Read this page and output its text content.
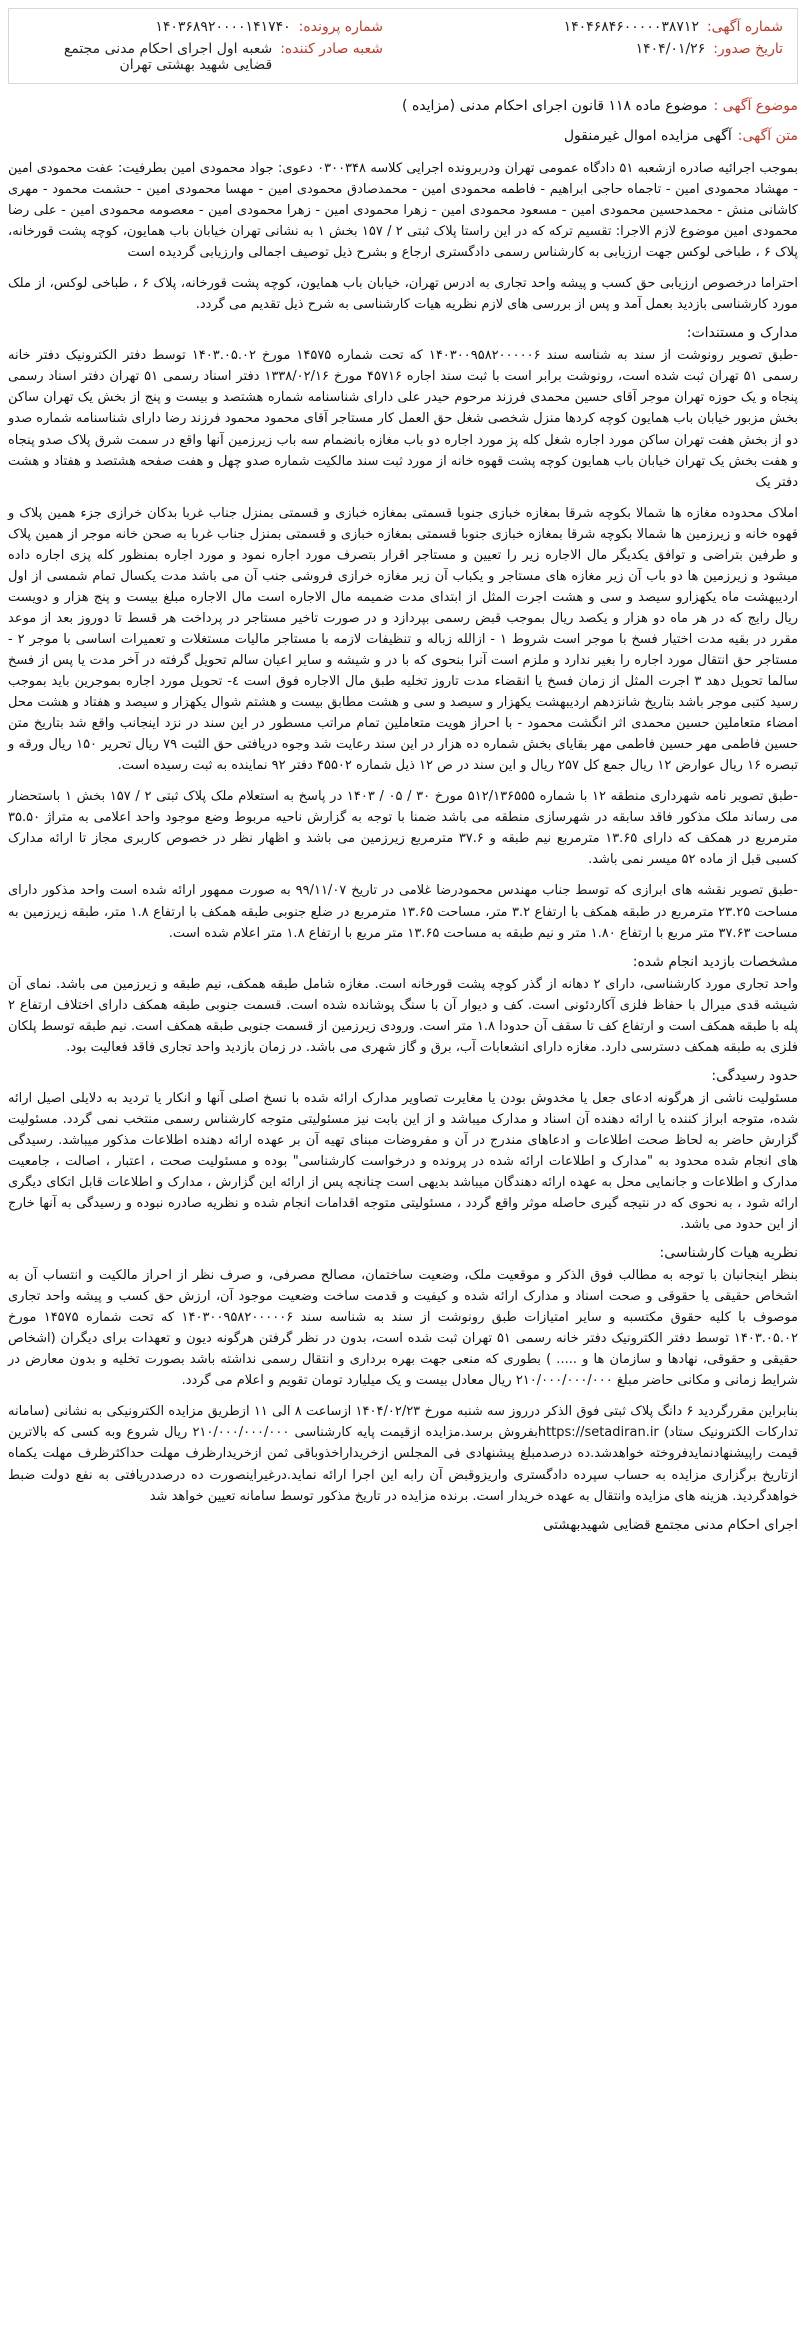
شماره آگهی:
۱۴۰۴۶۸۴۶۰۰۰۰۰۳۸۷۱۲
شماره پرونده:
۱۴۰۳۶۸۹۲۰۰۰۰۱۴۱۷۴۰
تاریخ صدور:
۱۴۰۴/۰۱/۲۶
شعبه صادر کننده:
شعبه اول اجرای احکام مدنی مجتمع قضایی شهید بهشتی تهران
موضوع آگهی :
موضوع ماده ۱۱۸ قانون اجرای احکام مدنی (مزایده )
متن آگهی:
آگهی مزایده اموال غیرمنقول

بموجب اجرائیه صادره ازشعبه ۵۱ دادگاه عمومی تهران ودربرونده اجرایی کلاسه ۰۳۰۰۳۴۸ دعوی: جواد محمودی امین بطرفیت: عفت محمودی امین - مهشاد محمودی امین - تاجماه حاجی ابراهیم - فاطمه محمودی امین - محمدصادق محمودی امین - مهسا محمودی امین - حشمت محمود - مهری کاشانی منش - محمدحسین محمودی امین - مسعود محمودی امین - زهرا محمودی امین - زهرا محمودی امین - معصومه محمودی امین - علی رضا محمودی امین موضوع لازم الاجرا: تقسیم ترکه که در این راستا پلاک ثبتی ۲ / ۱۵۷ بخش ۱ به نشانی تهران خیابان باب همایون، کوچه پشت قورخانه، پلاک ۶ ، طباخی لوکس جهت ارزیابی به کارشناس رسمی دادگستری ارجاع و بشرح ذیل توصیف اجمالی وارزیابی گردیده است

احتراما درخصوص ارزیابی حق کسب و پیشه واحد تجاری به ادرس تهران، خیابان باب همایون، کوچه پشت قورخانه، پلاک ۶ ، طباخی لوکس، از ملک مورد کارشناسی بازدید بعمل آمد و پس از بررسی های لازم نظریه هیات کارشناسی به شرح ذیل تقدیم می گردد.

مدارک و مستندات:

-طبق تصویر رونوشت از سند به شناسه سند ۱۴۰۳۰۰۹۵۸۲۰۰۰۰۰۶ که تحت شماره ۱۴۵۷۵ مورخ ۱۴۰۳.۰۵.۰۲ توسط دفتر الکترونیک دفتر خانه رسمی ۵۱ تهران ثبت شده است، رونوشت برابر است با ثبت سند اجاره ۴۵۷۱۶ مورخ ۱۳۳۸/۰۲/۱۶ دفتر اسناد رسمی ۵۱ تهران دفتر اسناد رسمی پنجاه و یک حوزه تهران موجر آقای حسین محمدی فرزند مرحوم حیدر علی دارای شناسنامه شماره هشتصد و بیست و پنج از بخش یک تهران ساکن بخش مزبور خیابان باب همایون کوچه کردها منزل شخصی شغل حق العمل کار مستاجر آقای محمود محمود فرزند رضا دارای شناسنامه شماره صدو دو از بخش هفت تهران ساکن مورد اجاره شغل کله پز مورد اجاره دو باب مغازه بانضمام سه باب زیرزمین آنها واقع در سمت شرق پلاک صدو پنجاه و هفت بخش یک تهران خیابان باب همایون کوچه پشت قهوه خانه از مورد ثبت سند مالکیت شماره صدو چهل و هفت صفحه هشتصد و هفتاد و هشت دفتر یک

املاک محدوده مغازه ها شمالا بکوچه شرقا بمغازه خبازی جنوبا قسمتی بمغازه خبازی و قسمتی بمنزل جناب غربا بدکان خرازی جزء همین پلاک و قهوه خانه و زیرزمین ها شمالا بکوچه شرقا بمغازه خبازی جنوبا قسمتی بمغازه خبازی و قسمتی بمنزل جناب غربا به صحن خانه موجر از همین پلاک و طرفین بتراضی و توافق یکدیگر مال الاجاره زیر را تعیین و مستاجر اقرار بتصرف مورد اجاره نمود و مورد اجاره بمنظور کله پزی اجاره داده میشود و زیرزمین ها دو باب آن زیر مغازه های مستاجر و یکباب آن زیر مغازه خرازی فروشی جنب آن می باشد مدت یکسال تمام شمسی از اول اردیبهشت ماه یکهزارو سیصد و سی و هشت اجرت المثل از ابتدای مدت ضمیمه مال الاجاره است مال الاجاره مبلغ بیست و پنج هزار و دویست ریال رایج که در هر ماه دو هزار و یکصد ریال بموجب قبض رسمی بپردازد و در صورت تاخیر مستاجر در پرداخت هر قسط تا دوروز بعد از موعد مقرر در بقیه مدت اختیار فسخ با موجر است شروط ۱ - ازالله زباله و تنظیفات لازمه با مستاجر مالیات مستغلات و تعمیرات اساسی با موجر ۲ - مستاجر حق انتقال مورد اجاره را بغیر ندارد و ملزم است آنرا بنحوی که با در و شیشه و سایر اعیان سالم تحویل گرفته در آخر مدت یا پس از فسخ سالما تحویل دهد ۳ اجرت المثل از زمان فسخ یا انقضاء مدت تاروز تخلیه طبق مال الاجاره فوق است ٤- تحویل مورد اجاره بموجرین باید بموجب رسید کتبی موجر باشد بتاریخ شانزدهم اردیبهشت یکهزار و سیصد و سی و هشت مطابق بیست و هشتم شوال یکهزار و سیصد و هفتاد و هشت محل امضاء متعاملین حسین محمدی اثر انگشت محمود - با احراز هویت متعاملین تمام مراتب مسطور در این سند در نزد اینجانب واقع شد بتاریخ متن حسین فاطمی مهر حسین فاطمی مهر بقایای بخش شماره ده هزار در این سند رعایت شد وجوه دریافتی حق الثبت ۷۹ ریال تحریر ۱۵۰ ریال ورقه و تبصره ۱۶ ریال عوارض ۱۲ ریال جمع کل ۲۵۷ ریال و این سند در ص ۱۲ ذیل شماره ۴۵۵۰۲ دفتر ۹۲ نماینده به ثبت رسیده است.

-طبق تصویر نامه شهرداری منطقه ۱۲ با شماره ۵۱۲/۱۳۶۵۵۵ مورخ ۳۰ / ۰۵ / ۱۴۰۳ در پاسخ به استعلام ملک پلاک ثبتی ۲ / ۱۵۷ بخش ۱ باستحضار می رساند ملک مذکور فاقد سابقه در شهرسازی منطقه می باشد ضمنا با توجه به گزارش ناحیه مربوط وضع موجود واحد اعلامی به متراژ ۳۵.۵۰ مترمربع در همکف که دارای ۱۳.۶۵ مترمربع نیم طبقه و ۳۷.۶ مترمربع زیرزمین می باشد و اظهار نظر در خصوص کاربری مجاز تا ارائه مدارک کسبی قبل از ماده ۵۲ میسر نمی باشد.

-طبق تصویر نقشه های ابرازی که توسط جناب مهندس محمودرضا غلامی در تاریخ ۹۹/۱۱/۰۷ به صورت ممهور ارائه شده است واحد مذکور دارای مساحت ۲۳.۲۵ مترمربع در طبقه همکف با ارتفاع ۳.۲ متر، مساحت ۱۳.۶۵ مترمربع در ضلع جنوبی طبقه همکف با ارتفاع ۱.۸ متر، طبقه زیرزمین به مساحت ۳۷.۶۳ متر مربع با ارتفاع ۱.۸۰ متر و نیم طبقه به مساحت ۱۳.۶۵ متر مربع با ارتفاع ۱.۸ متر اعلام شده است.

مشخصات بازدید انجام شده:

واحد تجاری مورد کارشناسی، دارای ۲ دهانه از گذر کوچه پشت قورخانه است. مغازه شامل طبقه همکف، نیم طبقه و زیرزمین می باشد. نمای آن شیشه قدی میرال با حفاظ فلزی آکاردئونی است. کف و دیوار آن با سنگ پوشانده شده است. قسمت جنوبی طبقه همکف دارای اختلاف ارتفاع ۲ پله با طبقه همکف است و ارتفاع کف تا سقف آن حدودا ۱.۸ متر است. ورودی زیرزمین از قسمت جنوبی طبقه همکف است. نیم طبقه توسط پلکان فلزی به طبقه همکف دسترسی دارد. مغازه دارای انشعابات آب، برق و گاز شهری می باشد. در زمان بازدید واحد تجاری فاقد فعالیت بود.

حدود رسیدگی:

مسئولیت ناشی از هرگونه ادعای جعل یا مخدوش بودن یا مغایرت تصاویر مدارک ارائه شده با نسخ اصلی آنها و انکار یا تردید به دلایلی اصیل ارائه شده، متوجه ابراز کننده یا ارائه دهنده آن اسناد و مدارک میباشد و از این بابت نیز مسئولیتی متوجه کارشناس رسمی منتخب نمی گردد. مسئولیت گزارش حاضر به لحاظ صحت اطلاعات و ادعاهای مندرج در آن و مفروضات مبنای تهیه آن بر عهده ارائه دهنده اطلاعات مذکور میباشد. رسیدگی های انجام شده محدود به "مدارک و اطلاعات ارائه شده در پرونده و درخواست کارشناسی" بوده و مسئولیت صحت ، اعتبار ، اصالت ، جامعیت مدارک و اطلاعات و جانمایی محل به عهده ارائه دهندگان میباشد بدیهی است چنانچه پس از ارائه این گزارش ، مدارک و اطلاعات قابل اتکای دیگری ارائه شود ، به نحوی که در نتیجه گیری حاصله موثر واقع گردد ، مسئولیتی متوجه اقدامات انجام شده و نظریه صادره نبوده و رسیدگی به آنها خارج از این حدود می باشد.

نظریه هیات کارشناسی:

بنظر اینجانبان با توجه به مطالب فوق الذکر و موقعیت ملک، وضعیت ساختمان، مصالح مصرفی، و صرف نظر از احراز مالکیت و انتساب آن به اشخاص حقیقی یا حقوقی و صحت اسناد و مدارک ارائه شده و کیفیت و قدمت ساخت وضعیت موجود آن، ارزش حق کسب و پیشه واحد تجاری موصوف با کلیه حقوق مکتسبه و سایر امتیازات طبق رونوشت از سند به شناسه سند ۱۴۰۳۰۰۹۵۸۲۰۰۰۰۰۶ که تحت شماره ۱۴۵۷۵ مورخ ۱۴۰۳.۰۵.۰۲ توسط دفتر الکترونیک دفتر خانه رسمی ۵۱ تهران ثبت شده است، بدون در نظر گرفتن هرگونه دیون و تعهدات برای دیگران (اشخاص حقیقی و حقوقی، نهادها و سازمان ها و ..... ) بطوری که منعی جهت بهره برداری و انتقال رسمی نداشته باشد بصورت تخلیه و بدون معارض در شرایط زمانی و مکانی حاضر مبلغ ۲۱۰/۰۰۰/۰۰۰/۰۰۰ ریال معادل بیست و یک میلیارد تومان تقویم و اعلام می گردد.

بنابراین مقررگردید ۶ دانگ پلاک ثبتی فوق الذکر درروز سه شنبه مورخ ۱۴۰۴/۰۲/۲۳ ازساعت ۸ الی ۱۱ ازطریق مزایده الکترونیکی به نشانی (سامانه تدارکات الکترونیک ستاد) https://setadiran.irبفروش برسد.مزایده ازقیمت پایه کارشناسی ۲۱۰/۰۰۰/۰۰۰/۰۰۰ ریال شروع وبه کسی که بالاترین قیمت راپیشنهادنمایدفروخته خواهدشد.ده درصدمبلغ پیشنهادی فی المجلس ازخریداراخذوباقی ثمن ازخریدارظرف مهلت حداکثرظرف مهلت یکماه ازتاریخ برگزاری مزایده به حساب سپرده دادگستری واریزوقبض آن رابه این اجرا ارائه نماید.درغیراینصورت ده درصددریافتی به نفع دولت ضبط خواهدگردید. هزینه های مزایده وانتقال به عهده خریدار است. برنده مزایده در تاریخ مذکور توسط سامانه تعیین خواهد شد

اجرای احکام مدنی مجتمع قضایی شهیدبهشتی
